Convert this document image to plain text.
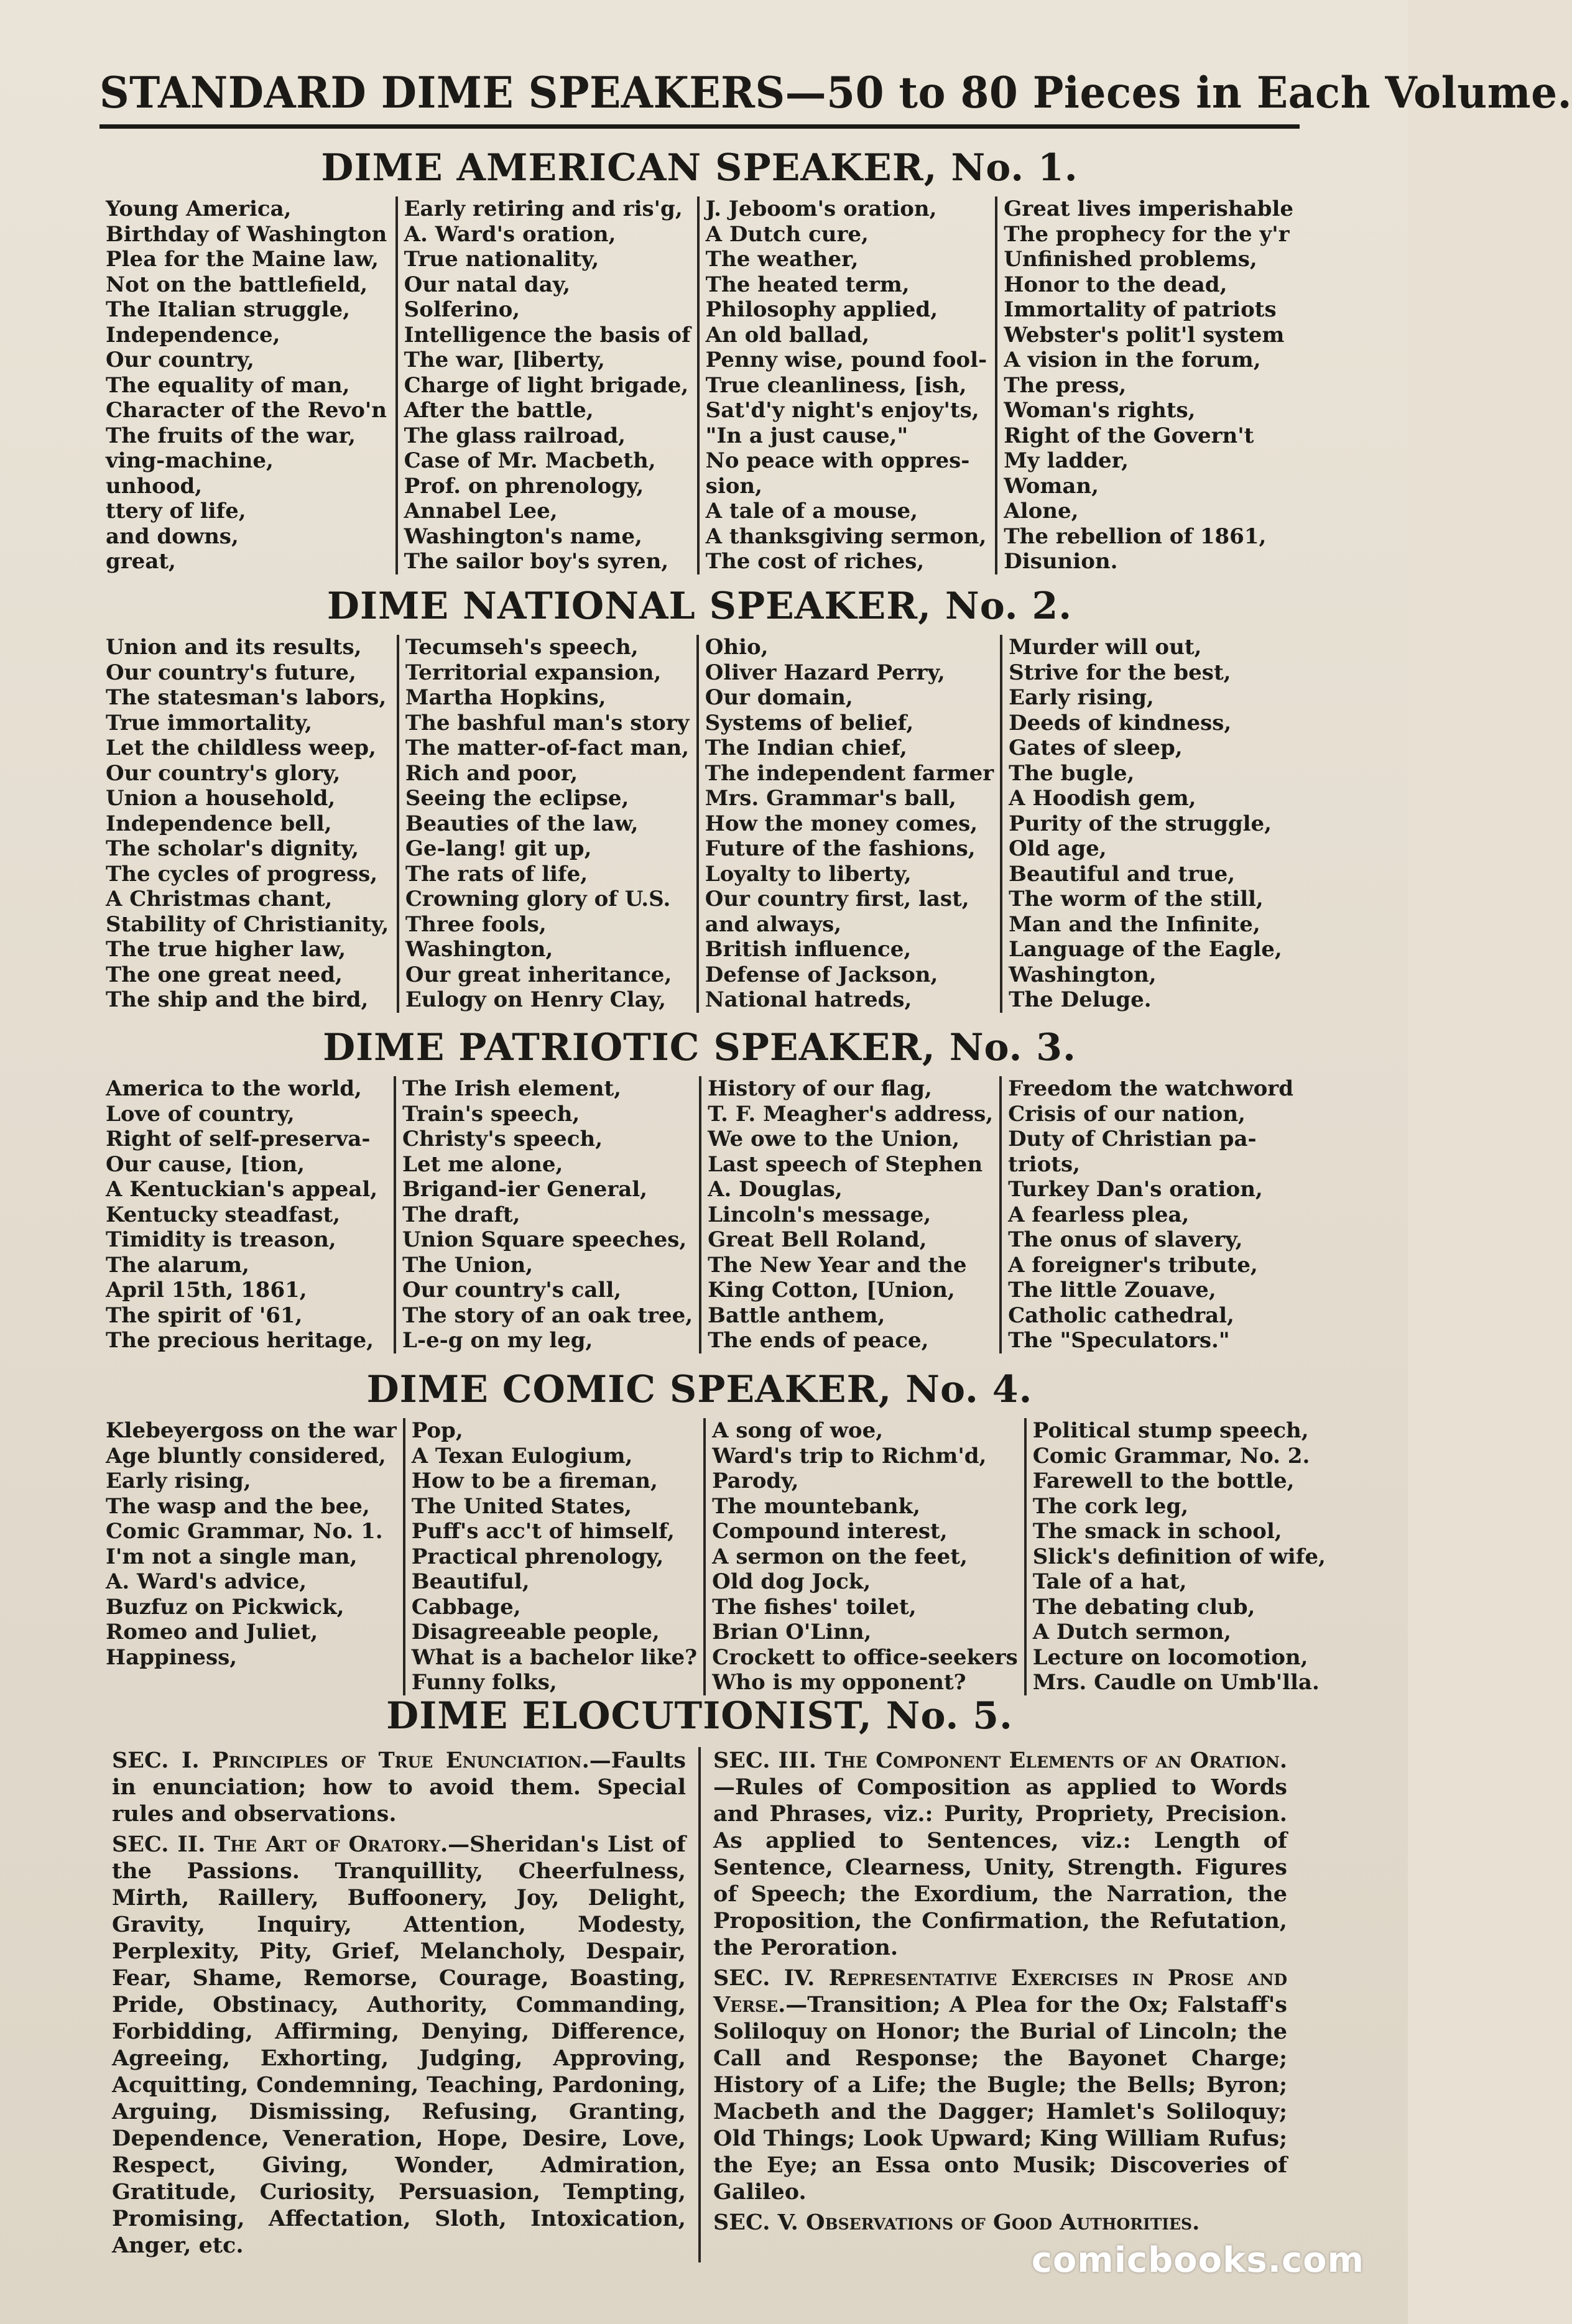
STANDARD DIME SPEAKERS—50 to 80 Pieces in Each Volume.
DIME AMERICAN SPEAKER, No. 1.
Young America,
Birthday of Washington
Plea for the Maine law,
Not on the battlefield,
The Italian struggle,
Independence,
Our country,
The equality of man,
Character of the Revo'n
The fruits of the war,
ving-machine,
unhood,
ttery of life,
and downs,
great,
Early retiring and ris'g,
A. Ward's oration,
True nationality,
Our natal day,
Solferino,
Intelligence the basis of
The war, [liberty,
Charge of light brigade,
After the battle,
The glass railroad,
Case of Mr. Macbeth,
Prof. on phrenology,
Annabel Lee,
Washington's name,
The sailor boy's syren,
J. Jeboom's oration,
A Dutch cure,
The weather,
The heated term,
Philosophy applied,
An old ballad,
Penny wise, pound fool-
True cleanliness, [ish,
Sat'd'y night's enjoy'ts,
"In a just cause,"
No peace with oppres-
sion,
A tale of a mouse,
A thanksgiving sermon,
The cost of riches,
Great lives imperishable
The prophecy for the y'r
Unfinished problems,
Honor to the dead,
Immortality of patriots
Webster's polit'l system
A vision in the forum,
The press,
Woman's rights,
Right of the Govern't
My ladder,
Woman,
Alone,
The rebellion of 1861,
Disunion.
DIME NATIONAL SPEAKER, No. 2.
Union and its results,
Our country's future,
The statesman's labors,
True immortality,
Let the childless weep,
Our country's glory,
Union a household,
Independence bell,
The scholar's dignity,
The cycles of progress,
A Christmas chant,
Stability of Christianity,
The true higher law,
The one great need,
The ship and the bird,
Tecumseh's speech,
Territorial expansion,
Martha Hopkins,
The bashful man's story
The matter-of-fact man,
Rich and poor,
Seeing the eclipse,
Beauties of the law,
Ge-lang! git up,
The rats of life,
Crowning glory of U.S.
Three fools,
Washington,
Our great inheritance,
Eulogy on Henry Clay,
Ohio,
Oliver Hazard Perry,
Our domain,
Systems of belief,
The Indian chief,
The independent farmer
Mrs. Grammar's ball,
How the money comes,
Future of the fashions,
Loyalty to liberty,
Our country first, last,
and always,
British influence,
Defense of Jackson,
National hatreds,
Murder will out,
Strive for the best,
Early rising,
Deeds of kindness,
Gates of sleep,
The bugle,
A Hoodish gem,
Purity of the struggle,
Old age,
Beautiful and true,
The worm of the still,
Man and the Infinite,
Language of the Eagle,
Washington,
The Deluge.
DIME PATRIOTIC SPEAKER, No. 3.
America to the world,
Love of country,
Right of self-preserva-
Our cause, [tion,
A Kentuckian's appeal,
Kentucky steadfast,
Timidity is treason,
The alarum,
April 15th, 1861,
The spirit of '61,
The precious heritage,
The Irish element,
Train's speech,
Christy's speech,
Let me alone,
Brigand-ier General,
The draft,
Union Square speeches,
The Union,
Our country's call,
The story of an oak tree,
L-e-g on my leg,
History of our flag,
T. F. Meagher's address,
We owe to the Union,
Last speech of Stephen
A. Douglas,
Lincoln's message,
Great Bell Roland,
The New Year and the
King Cotton, [Union,
Battle anthem,
The ends of peace,
Freedom the watchword
Crisis of our nation,
Duty of Christian pa-
triots,
Turkey Dan's oration,
A fearless plea,
The onus of slavery,
A foreigner's tribute,
The little Zouave,
Catholic cathedral,
The "Speculators."
DIME COMIC SPEAKER, No. 4.
Klebeyergoss on the war
Age bluntly considered,
Early rising,
The wasp and the bee,
Comic Grammar, No. 1.
I'm not a single man,
A. Ward's advice,
Buzfuz on Pickwick,
Romeo and Juliet,
Happiness,
Pop,
A Texan Eulogium,
How to be a fireman,
The United States,
Puff's acc't of himself,
Practical phrenology,
Beautiful,
Cabbage,
Disagreeable people,
What is a bachelor like?
Funny folks,
A song of woe,
Ward's trip to Richm'd,
Parody,
The mountebank,
Compound interest,
A sermon on the feet,
Old dog Jock,
The fishes' toilet,
Brian O'Linn,
Crockett to office-seekers
Who is my opponent?
Political stump speech,
Comic Grammar, No. 2.
Farewell to the bottle,
The cork leg,
The smack in school,
Slick's definition of wife,
Tale of a hat,
The debating club,
A Dutch sermon,
Lecture on locomotion,
Mrs. Caudle on Umb'lla.
DIME ELOCUTIONIST, No. 5.

SEC. I. Principles of True Enunciation.—Faults in enunciation; how to avoid them. Special rules and observations.

SEC. II. The Art of Oratory.—Sheridan's List of the Passions. Tranquillity, Cheerfulness, Mirth, Raillery, Buffoonery, Joy, Delight, Gravity, Inquiry, Attention, Modesty, Perplexity, Pity, Grief, Melancholy, Despair, Fear, Shame, Remorse, Courage, Boasting, Pride, Obstinacy, Authority, Commanding, Forbidding, Affirming, Denying, Difference, Agreeing, Exhorting, Judging, Approving, Acquitting, Condemning, Teaching, Pardoning, Arguing, Dismissing, Refusing, Granting, Dependence, Veneration, Hope, Desire, Love, Respect, Giving, Wonder, Admiration, Gratitude, Curiosity, Persuasion, Tempting, Promising, Affectation, Sloth, Intoxication, Anger, etc.

SEC. III. The Component Elements of an Oration.—Rules of Composition as applied to Words and Phrases, viz.: Purity, Propriety, Precision. As applied to Sentences, viz.: Length of Sentence, Clearness, Unity, Strength. Figures of Speech; the Exordium, the Narration, the Proposition, the Confirmation, the Refutation, the Peroration.

SEC. IV. Representative Exercises in Prose and Verse.—Transition; A Plea for the Ox; Falstaff's Soliloquy on Honor; the Burial of Lincoln; the Call and Response; the Bayonet Charge; History of a Life; the Bugle; the Bells; Byron; Macbeth and the Dagger; Hamlet's Soliloquy; Old Things; Look Upward; King William Rufus; the Eye; an Essa onto Musik; Discoveries of Galileo.

SEC. V. Observations of Good Authorities.

comicbooks.com
